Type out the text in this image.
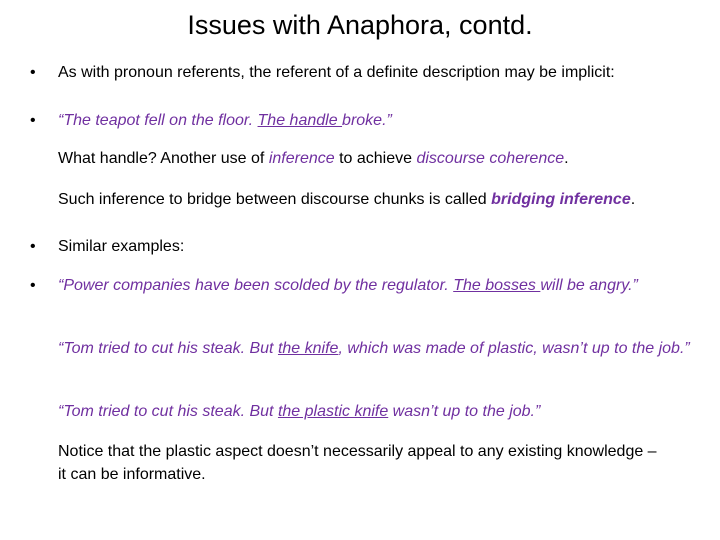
Issues with Anaphora, contd.
•	As with pronoun referents, the referent of a definite description may be implicit:
•	“The teapot fell on the floor. The handle broke.”
What handle? Another use of inference to achieve discourse coherence.
Such inference to bridge between discourse chunks is called bridging inference.
•	Similar examples:
•	“Power companies have been scolded by the regulator. The bosses will be angry.”
“Tom tried to cut his steak. But the knife, which was made of plastic, wasn’t up to the job.”
“Tom tried to cut his steak. But the plastic knife wasn’t up to the job.”
Notice that the plastic aspect doesn’t necessarily appeal to any existing knowledge – it can be informative.
